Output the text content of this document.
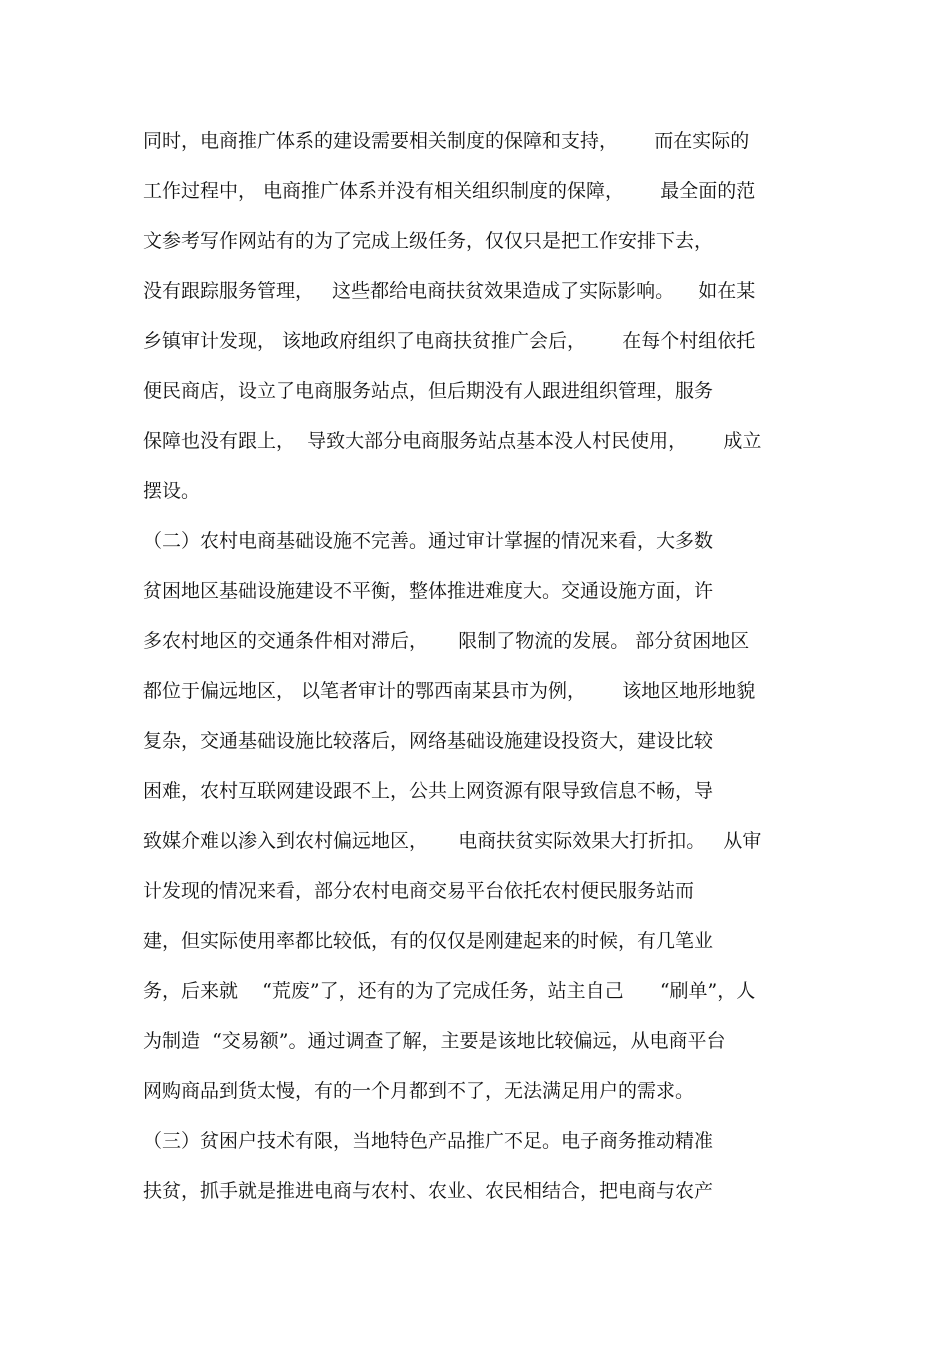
同时，电商推广体系的建设需要相关制度的保障和支持，      而在实际的
工作过程中， 电商推广体系并没有相关组织制度的保障，      最全面的范
文参考写作网站有的为了完成上级任务，仅仅只是把工作安排下去，
没有跟踪服务管理，   这些都给电商扶贫效果造成了实际影响。    如在某
乡镇审计发现， 该地政府组织了电商扶贫推广会后，      在每个村组依托
便民商店，设立了电商服务站点，但后期没有人跟进组织管理，服务
保障也没有跟上，  导致大部分电商服务站点基本没人村民使用，      成立
摆设。
（二）农村电商基础设施不完善。通过审计掌握的情况来看，大多数
贫困地区基础设施建设不平衡，整体推进难度大。交通设施方面，许
多农村地区的交通条件相对滞后，     限制了物流的发展。 部分贫困地区
都位于偏远地区， 以笔者审计的鄂西南某县市为例，      该地区地形地貌
复杂，交通基础设施比较落后，网络基础设施建设投资大，建设比较
困难，农村互联网建设跟不上，公共上网资源有限导致信息不畅，导
致媒介难以渗入到农村偏远地区，     电商扶贫实际效果大打折扣。   从审
计发现的情况来看，部分农村电商交易平台依托农村便民服务站而
建，但实际使用率都比较低，有的仅仅是刚建起来的时候，有几笔业
务，后来就    “荒废”了，还有的为了完成任务，站主自己      “刷单”，人
为制造  “交易额”。通过调查了解，主要是该地比较偏远，从电商平台
网购商品到货太慢，有的一个月都到不了，无法满足用户的需求。
（三）贫困户技术有限，当地特色产品推广不足。电子商务推动精准
扶贫，抓手就是推进电商与农村、农业、农民相结合，把电商与农产
